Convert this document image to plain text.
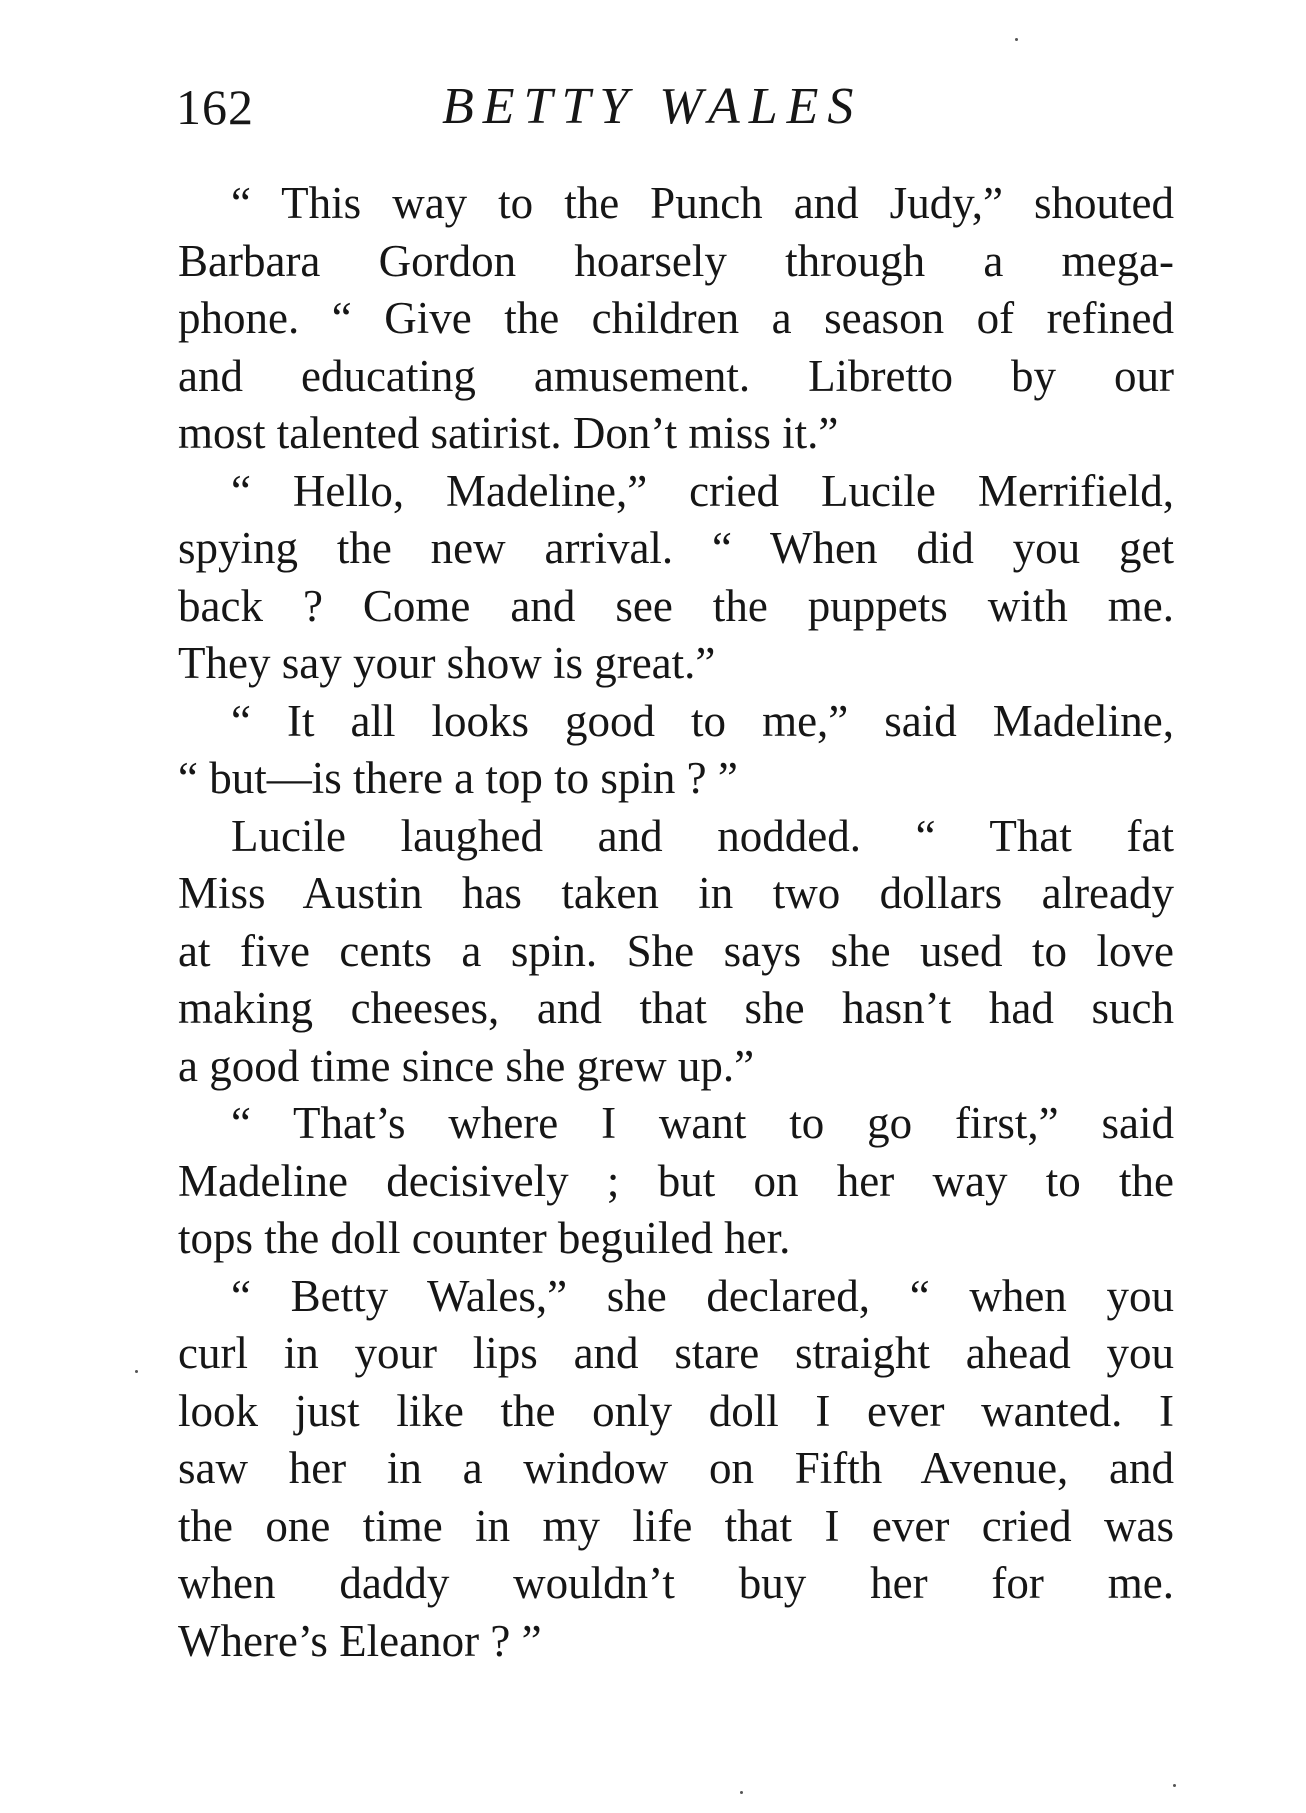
162	BETTY WALES
“ This way to the Punch and Judy,” shouted
Barbara Gordon hoarsely through a mega-
phone. “ Give the children a season of refined
and educating amusement. Libretto by our
most talented satirist. Don’t miss it.”
“ Hello, Madeline,” cried Lucile Merrifield,
spying the new arrival. “ When did you get
back ? Come and see the puppets with me.
They say your show is great.”
“ It all looks good to me,” said Madeline,
“ but—is there a top to spin ? ”
Lucile laughed and nodded. “ That fat
Miss Austin has taken in two dollars already
at five cents a spin. She says she used to love
making cheeses, and that she hasn’t had such
a good time since she grew up.”
“ That’s where I want to go first,” said
Madeline decisively ; but on her way to the
tops the doll counter beguiled her.
“ Betty Wales,” she declared, “ when you
curl in your lips and stare straight ahead you
look just like the only doll I ever wanted. I
saw her in a window on Fifth Avenue, and
the one time in my life that I ever cried was
when daddy wouldn’t buy her for me.
Where’s Eleanor ? ”
